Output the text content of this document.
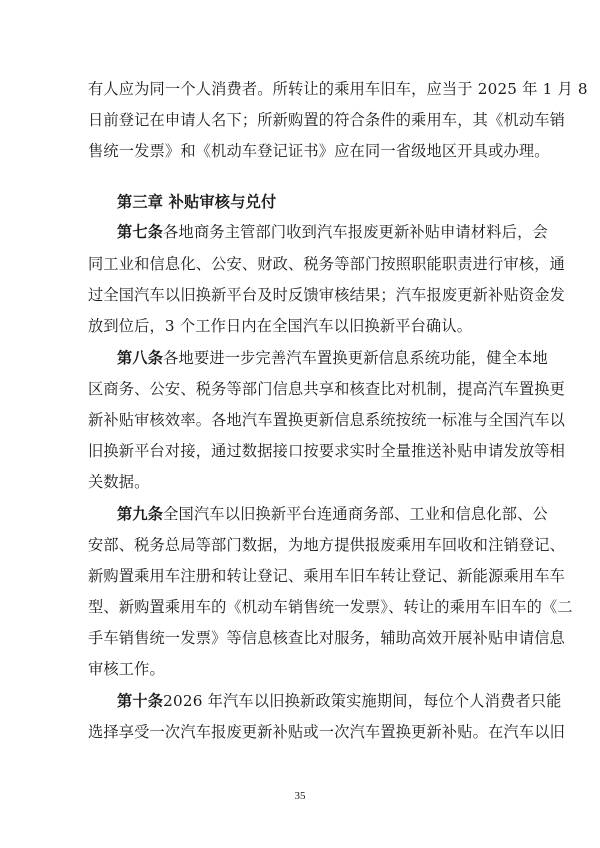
有人应为同一个人消费者。所转让的乘用车旧车，应当于 2025 年 1 月 8
日前登记在申请人名下；所新购置的符合条件的乘用车，其《机动车销
售统一发票》和《机动车登记证书》应在同一省级地区开具或办理。
第三章 补贴审核与兑付
第七条各地商务主管部门收到汽车报废更新补贴申请材料后，会
同工业和信息化、公安、财政、税务等部门按照职能职责进行审核，通
过全国汽车以旧换新平台及时反馈审核结果；汽车报废更新补贴资金发
放到位后，3 个工作日内在全国汽车以旧换新平台确认。
第八条各地要进一步完善汽车置换更新信息系统功能，健全本地
区商务、公安、税务等部门信息共享和核查比对机制，提高汽车置换更
新补贴审核效率。各地汽车置换更新信息系统按统一标准与全国汽车以
旧换新平台对接，通过数据接口按要求实时全量推送补贴申请发放等相
关数据。
第九条全国汽车以旧换新平台连通商务部、工业和信息化部、公
安部、税务总局等部门数据，为地方提供报废乘用车回收和注销登记、
新购置乘用车注册和转让登记、乘用车旧车转让登记、新能源乘用车车
型、新购置乘用车的《机动车销售统一发票》、转让的乘用车旧车的《二
手车销售统一发票》等信息核查比对服务，辅助高效开展补贴申请信息
审核工作。
第十条2026 年汽车以旧换新政策实施期间，每位个人消费者只能
选择享受一次汽车报废更新补贴或一次汽车置换更新补贴。在汽车以旧
35
